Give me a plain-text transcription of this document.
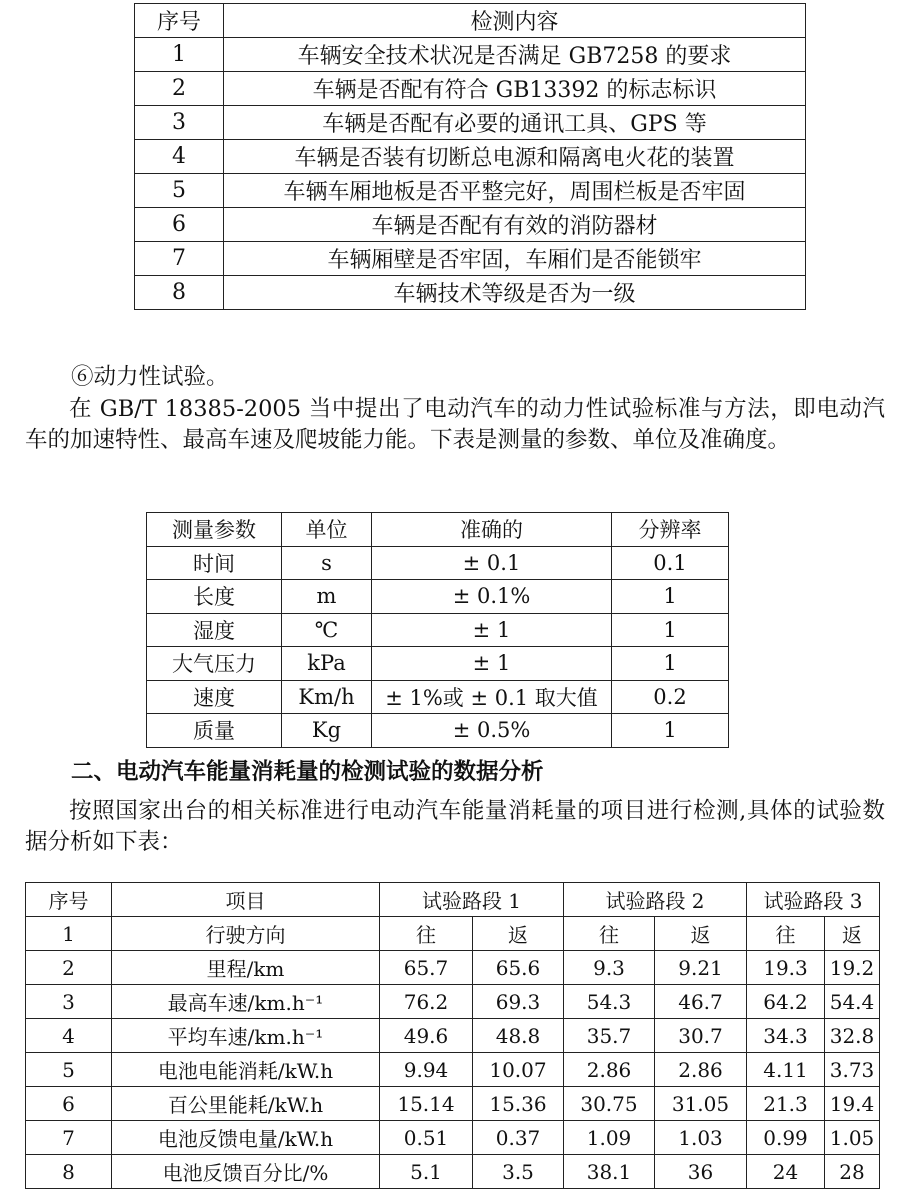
序号	检测内容
1	车辆安全技术状况是否满足 GB7258 的要求
2	车辆是否配有符合 GB13392 的标志标识
3	车辆是否配有必要的通讯工具、GPS 等
4	车辆是否装有切断总电源和隔离电火花的装置
5	车辆车厢地板是否平整完好，周围栏板是否牢固
6	车辆是否配有有效的消防器材
7	车辆厢壁是否牢固，车厢们是否能锁牢
8	车辆技术等级是否为一级

⑥动力性试验。

在 GB/T 18385-2005 当中提出了电动汽车的动力性试验标准与方法，即电动汽车的加速特性、最高车速及爬坡能力能。下表是测量的参数、单位及准确度。

测量参数	单位	准确的	分辨率
时间	s	± 0.1	0.1
长度	m	± 0.1%	1
湿度	℃	± 1	1
大气压力	kPa	± 1	1
速度	Km/h	± 1%或 ± 0.1 取大值	0.2
质量	Kg	± 0.5%	1

二、电动汽车能量消耗量的检测试验的数据分析

按照国家出台的相关标准进行电动汽车能量消耗量的项目进行检测,具体的试验数据分析如下表：

序号	项目	试验路段 1		试验路段 2		试验路段 3	
1	行驶方向	往	返	往	返	往	返
2	里程/km	65.7	65.6	9.3	9.21	19.3	19.2
3	最高车速/km.h⁻¹	76.2	69.3	54.3	46.7	64.2	54.4
4	平均车速/km.h⁻¹	49.6	48.8	35.7	30.7	34.3	32.8
5	电池电能消耗/kW.h	9.94	10.07	2.86	2.86	4.11	3.73
6	百公里能耗/kW.h	15.14	15.36	30.75	31.05	21.3	19.4
7	电池反馈电量/kW.h	0.51	0.37	1.09	1.03	0.99	1.05
8	电池反馈百分比/%	5.1	3.5	38.1	36	24	28
